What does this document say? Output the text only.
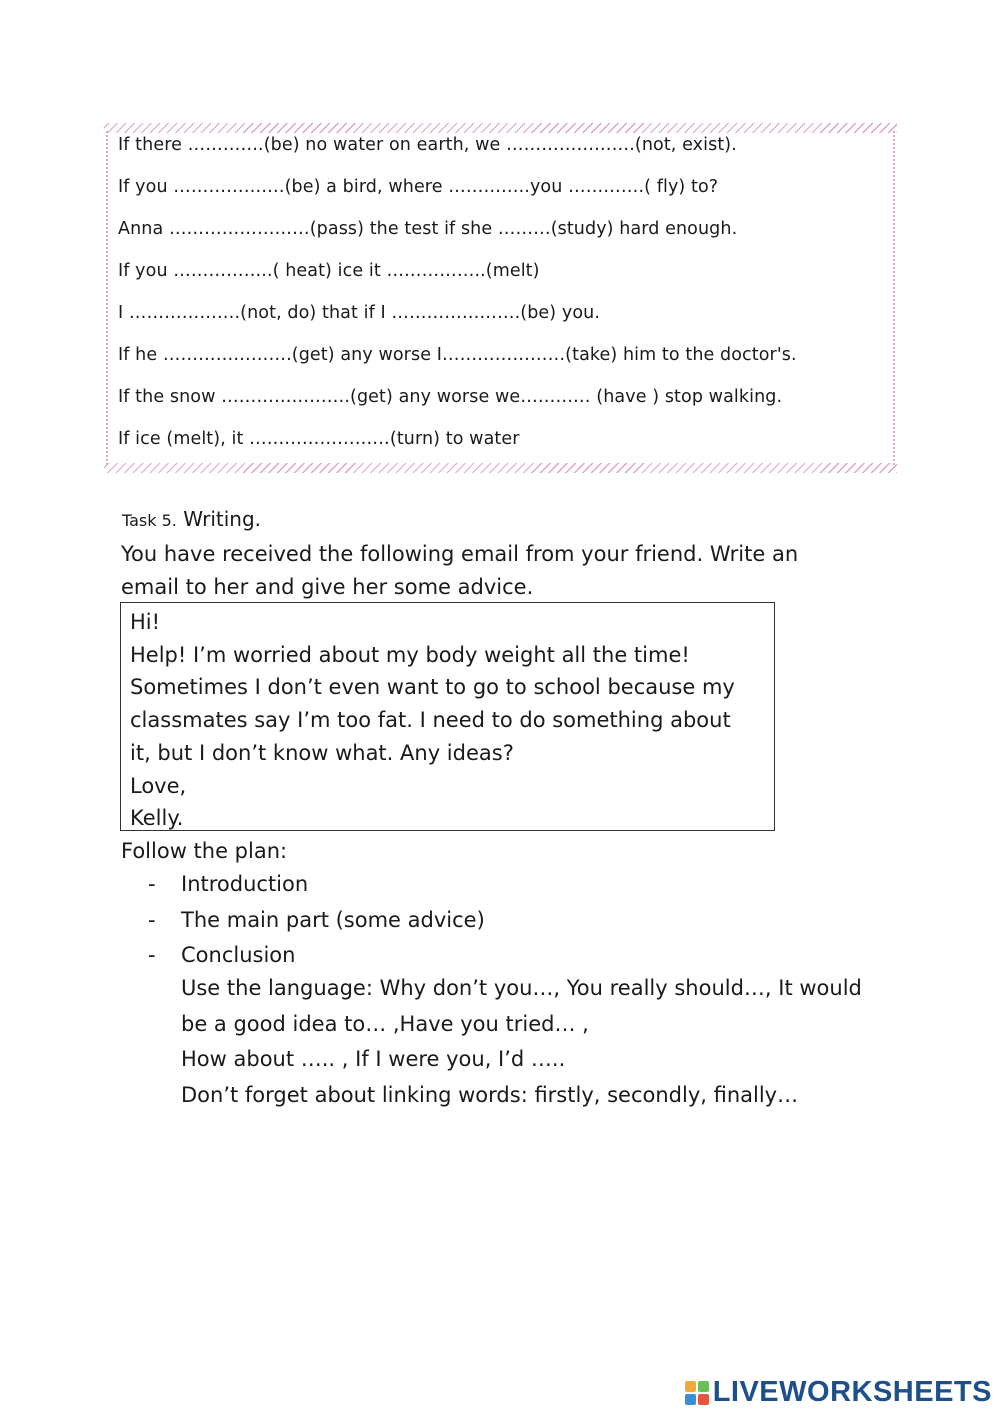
If there ………….(be) no water on earth, we ………………….(not, exist).
If you ……………….(be) a bird, where …………..you ………….( fly) to?
Anna ……………………(pass) the test if she ………(study) hard enough.
If you ……………..( heat) ice it ……………..(melt)
I ……………….(not, do) that if I ………………….(be) you.
If he ………………….(get) any worse I…………………(take) him to the doctor's.
If the snow ………………….(get) any worse we………… (have ) stop walking.
If ice (melt), it ……………………(turn) to water
Task 5. Writing.
You have received the following email from your friend. Write an email to her and give her some advice.
Hi!
Help! I’m worried about my body weight all the time!
Sometimes I don’t even want to go to school because my
classmates say I’m too fat. I need to do something about
it, but I don’t know what. Any ideas?
Love,
Kelly.
Follow the plan:
- Introduction
- The main part (some advice)
- Conclusion
Use the language: Why don’t you…, You really should…, It would
be a good idea to… ,Have you tried… ,
How about ….. , If I were you, I’d …..
Don’t forget about linking words: firstly, secondly, finally…
LIVEWORKSHEETS
